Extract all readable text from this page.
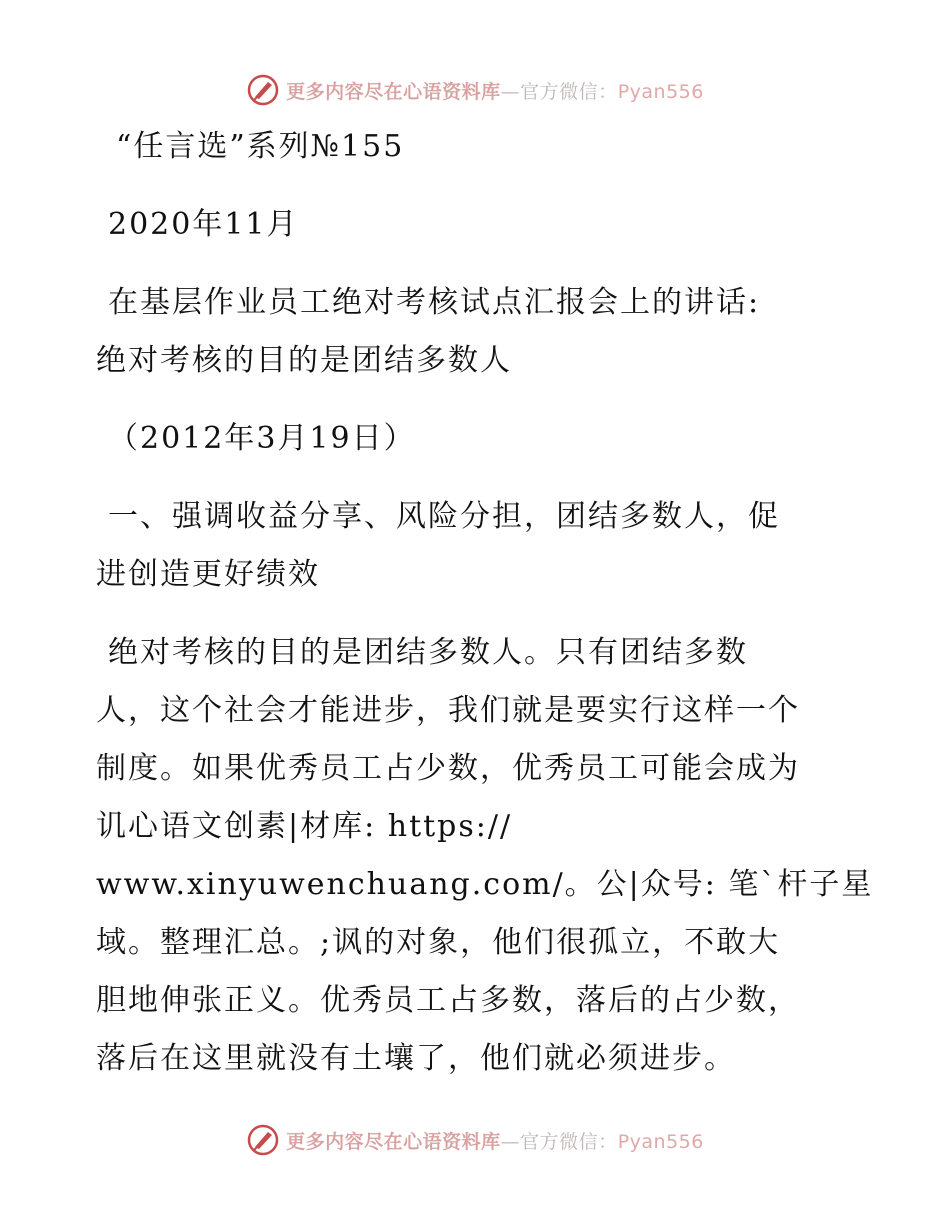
更多内容尽在心语资料库—官方微信：Pyan556
“任言选”系列№155
2020年11月
在基层作业员工绝对考核试点汇报会上的讲话:
绝对考核的目的是团结多数人
（2012年3月19日）
一、强调收益分享、风险分担，团结多数人，促
进创造更好绩效
绝对考核的目的是团结多数人。只有团结多数
人，这个社会才能进步，我们就是要实行这样一个
制度。如果优秀员工占少数，优秀员工可能会成为
讥心语文创素|材库: https://
www.xinyuwenchuang.com/。公|众号: 笔`杆子星
域。整理汇总。;讽的对象，他们很孤立，不敢大
胆地伸张正义。优秀员工占多数，落后的占少数，
落后在这里就没有土壤了，他们就必须进步。
更多内容尽在心语资料库—官方微信：Pyan556
